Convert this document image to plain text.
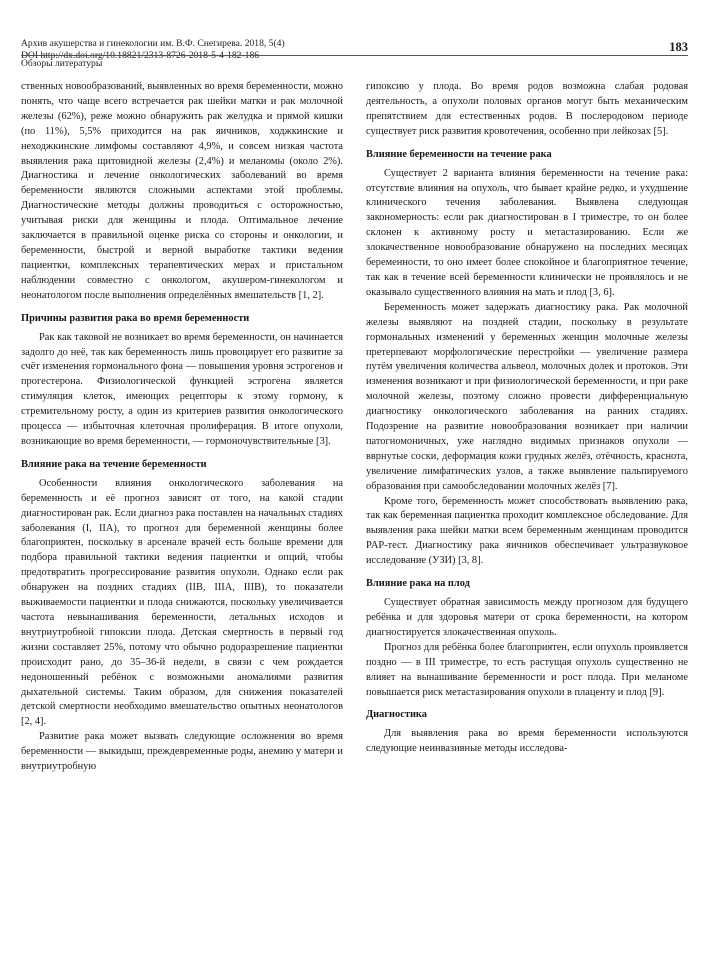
Архив акушерства и гинекологии им. В.Ф. Снегирева. 2018, 5(4)	183
Обзоры литературы

ственных новообразований, выявленных во время беременности, можно понять, что чаще всего встречается рак шейки матки и рак молочной железы (62%), реже можно обнаружить рак желудка и прямой кишки (по 11%), 5,5% приходится на рак яичников, ходжкинские и неходжкинские лимфомы составляют 4,9%, и совсем низкая частота выявления рака щитовидной железы (2,4%) и меланомы (около 2%). Диагностика и лечение онкологических заболеваний во время беременности являются сложными аспектами этой проблемы. Диагностические методы должны проводиться с осторожностью, учитывая риски для женщины и плода. Оптимальное лечение заключается в правильной оценке риска со стороны и онкологии, и беременности, быстрой и верной выработке тактики ведения пациентки, комплексных терапевтических мерах и пристальном наблюдении совместно с онкологом, акушером-гинекологом и неонатологом после выполнения определённых вмешательств [1, 2].

Причины развития рака во время беременности

Рак как таковой не возникает во время беременности, он начинается задолго до неё, так как беременность лишь провоцирует его развитие за счёт изменения гормонального фона — повышения уровня эстрогенов и прогестерона. Физиологической функцией эстрогена является стимуляция клеток, имеющих рецепторы к этому гормону, к стремительному росту, а один из критериев развития онкологического процесса — избыточная клеточная пролиферация. В итоге опухоли, возникающие во время беременности, — гормоночувствительные [3].

Влияние рака на течение беременности

Особенности влияния онкологического заболевания на беременность и её прогноз зависят от того, на какой стадии диагностирован рак. Если диагноз рака поставлен на начальных стадиях заболевания (I, IIA), то прогноз для беременной женщины более благоприятен, поскольку в арсенале врачей есть больше времени для подбора правильной тактики ведения пациентки и опций, чтобы предотвратить прогрессирование развития опухоли. Однако если рак обнаружен на поздних стадиях (IIB, IIIA, IIIB), то показатели выживаемости пациентки и плода снижаются, поскольку увеличивается частота невынашивания беременности, летальных исходов и внутриутробной гипоксии плода. Детская смертность в первый год жизни составляет 25%, потому что обычно родоразрешение пациентки происходит рано, до 35–36-й недели, в связи с чем рождается недоношенный ребёнок с возможными аномалиями развития дыхательной системы. Таким образом, для снижения показателей детской смертности необходимо вмешательство опытных неонатологов [2, 4].

Развитие рака может вызвать следующие осложнения во время беременности — выкидыш, преждевременные роды, анемию у матери и внутриутробную

гипоксию у плода. Во время родов возможна слабая родовая деятельность, а опухоли половых органов могут быть механическим препятствием для естественных родов. В послеродовом периоде существует риск развития кровотечения, особенно при лейкозах [5].

Влияние беременности на течение рака

Существует 2 варианта влияния беременности на течение рака: отсутствие влияния на опухоль, что бывает крайне редко, и ухудшение клинического течения заболевания. Выявлена следующая закономерность: если рак диагностирован в I триместре, то он более склонен к активному росту и метастазированию. Если же злокачественное новообразование обнаружено на последних месяцах беременности, то оно имеет более спокойное и благоприятное течение, так как в течение всей беременности клинически не проявлялось и не оказывало существенного влияния на мать и плод [3, 6].

Беременность может задержать диагностику рака. Рак молочной железы выявляют на поздней стадии, поскольку в результате гормональных изменений у беременных женщин молочные железы претерпевают морфологические перестройки — увеличение размера путём увеличения количества альвеол, молочных долек и протоков. Эти изменения возникают и при физиологической беременности, и при раке молочной железы, поэтому сложно провести дифференциальную диагностику онкологического заболевания на ранних стадиях. Подозрение на развитие новообразования возникает при наличии патогномоничных, уже наглядно видимых признаков опухоли — вврнутые соски, деформация кожи грудных желёз, отёчность, краснота, увеличение лимфатических узлов, а также выявление пальпируемого образования при самообследовании молочных желёз [7].

Кроме того, беременность может способствовать выявлению рака, так как беременная пациентка проходит комплексное обследование. Для выявления рака шейки матки всем беременным женщинам проводится PAP-тест. Диагностику рака яичников обеспечивает ультразвуковое исследование (УЗИ) [3, 8].

Влияние рака на плод

Существует обратная зависимость между прогнозом для будущего ребёнка и для здоровья матери от срока беременности, на котором диагностируется злокачественная опухоль.

Прогноз для ребёнка более благоприятен, если опухоль проявляется поздно — в III триместре, то есть растущая опухоль существенно не влияет на вынашивание беременности и рост плода. При меланоме повышается риск метастазирования опухоли в плаценту и плод [9].

Диагностика

Для выявления рака во время беременности используются следующие неинвазивные методы исследова-
